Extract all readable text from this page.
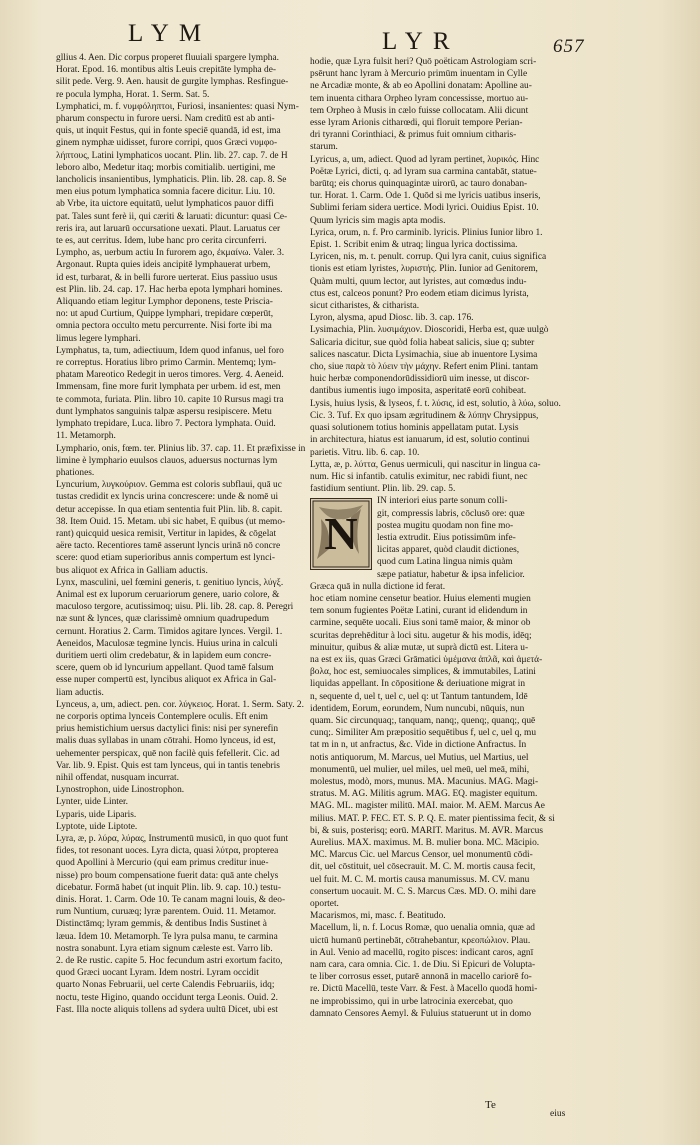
LYM	LYR	657
gllius 4. Aen. Dic corpus properet fluuiali spargere lympha.
Horat. Epod. 16. montibus altis Leuis crepitāte lympha de-
silit pede. Verg. 9. Aen. hausit de gurgite lymphas. Resfingue-
re pocula lympha, Horat. 1. Serm. Sat. 5.
Lymphatici, m. f. νυμφόληπτοι, Furiosi, insanientes: quasi Nym-
pharum conspectu in furore uersi. Nam creditū est ab anti-
quis, ut inquit Festus, qui in fonte speciē quandā, id est, ima
ginem nymphæ uidisset, furore corripi, quos Græci νυμφο-
λήπτους, Latini lymphaticos uocant. Plin. lib. 27. cap. 7. de H
leboro albo, Medetur itaq; morbis comitialib. uertigini, me
lancholicis insanientibus, lymphaticis. Plin. lib. 28. cap. 8. Se
men eius potum lymphatica somnia facere dicitur. Liu. 10.
ab Vrbe, ita uictore equitatū, uelut lymphaticos pauor diffi
pat. Tales sunt ferè ii, qui cæriti & laruati: dicuntur: quasi Ce-
reris ira, aut laruarū occursatione uexati. Plaut. Laruatus cer
te es, aut cerritus. Idem, lube hanc pro cerita circunferri.
Lympho, as, uerbum actiu In furorem ago, ἐκμαίνω. Valer. 3.
Argonaut. Rupta quies ideis ancipitē lymphauerat urbem,
id est, turbarat, & in belli furore uerterat. Eius passiuo usus
est Plin. lib. 24. cap. 17. Hac herba epota lymphari homines.
Aliquando etiam legitur Lymphor deponens, teste Priscia-
no: ut apud Curtium, Quippe lymphari, trepidare cœperūt,
omnia pectora occulto metu percurrente. Nisi forte ibi ma
limus legere lymphari.
Lymphatus, ta, tum, adiectiuum, Idem quod infanus, uel foro
re correptus. Horatius libro primo Carmin. Mentemq; lym-
phatam Mareotico Redegit in ueros timores. Verg. 4. Aeneid.
Immensam, fine more furit lymphata per urbem. id est, men
te commota, furiata. Plin. libro 10. capite 10 Rursus magi tra
dunt lymphatos sanguinis talpæ aspersu resipiscere. Metu
lymphato trepidare, Luca. libro 7. Pectora lymphata. Ouid.
11. Metamorph.
Lymphario, onis, fœm. ter. Plinius lib. 37. cap. 11. Et præfixisse in
limine è lymphario euulsos clauos, aduersus nocturnas lym
phationes.
Lyncurium, λυγκούριον. Gemma est coloris subflaui, quā uc
tustas credidit ex lyncis urina concrescere: unde & nomē ui
detur accepisse. In qua etiam sententia fuit Plin. lib. 8. capit.
38. Item Ouid. 15. Metam. ubi sic habet, E quibus (ut memo-
rant) quicquid uesica remisit, Vertitur in lapides, & cōgelat
aëre tacto. Recentiores tamē asserunt lyncis urinā nō concre
scere: quod etiam superioribus annis compertum est lynci-
bus aliquot ex Africa in Galliam aductis.
Lynx, masculini, uel fœmini generis, t. genitiuo lyncis, λύγξ.
Animal est ex luporum ceruariorum genere, uario colore, &
maculoso tergore, acutissimoq; uisu. Pli. lib. 28. cap. 8. Peregri
næ sunt & lynces, quæ clarissimè omnium quadrupedum
cernunt. Horatius 2. Carm. Timidos agitare lynces. Vergil. 1.
Aeneidos, Maculosæ tegmine lyncis. Huius urina in calculi
duritiem uerti olim credebatur, & in lapidem eum concre-
scere, quem ob id lyncurium appellant. Quod tamē falsum
esse nuper compertū est, lyncibus aliquot ex Africa in Gal-
liam aductis.
Lynceus, a, um, adiect. pen. cor. λύγκειος. Horat. 1. Serm. Saty. 2.
ne corporis optima lynceis Contemplere oculis. Eft enim
prius hemistichium uersus dactylici finis: nisi per synerefin
malis duas syllabas in unam cōtrahi. Homo lynceus, id est,
uehementer perspicax, quē non facilè quis fefellerit. Cic. ad
Var. lib. 9. Epist. Quis est tam lynceus, qui in tantis tenebris
nihil offendat, nusquam incurrat.
Lynostrophon, uide Linostrophon.
Lynter, uide Linter.
Lyparis, uide Liparis.
Lyptote, uide Liptote.
Lyra, æ, p. λύρα, λύρας, Instrumentū musicū, in quo quot funt
fides, tot resonant uoces. Lyra dicta, quasi λύτρα, propterea
quod Apollini à Mercurio (qui eam primus creditur inue-
nisse) pro boum compensatione fuerit data: quā ante chelys
dicebatur. Formā habet (ut inquit Plin. lib. 9. cap. 10.) testu-
dinis. Horat. 1. Carm. Ode 10. Te canam magni louis, & deo-
rum Nuntium, curuæq; lyræ parentem. Ouid. 11. Metamor.
Distinctāmq; lyram gemmis, & dentibus Indis Sustinet à
læua. Idem 10. Metamorph. Te lyra pulsa manu, te carmina
nostra sonabunt. Lyra etiam signum cæleste est. Varro lib.
2. de Re rustic. capite 5. Hoc fecundum astri exortum facito,
quod Græci uocant Lyram. Idem nostri. Lyram occidit
quarto Nonas Februarii, uel certe Calendis Februariis, idq;
noctu, teste Higino, quando occidunt terga Leonis. Ouid. 2.
Fast. Illa nocte aliquis tollens ad sydera uultū Dicet, ubi est
hodie, quæ Lyra fulsit heri? Quō poëticam Astrologiam scri-
psērunt hanc lyram à Mercurio primūm inuentam in Cylle
ne Arcadiæ monte, & ab eo Apollini donatam: Apolline au-
tem inuenta cithara Orpheo lyram concessisse, mortuo au-
tem Orpheo à Musis in cælo fuisse collocatam. Alii dicunt
esse lyram Arionis citharœdi, qui floruit tempore Perian-
dri tyranni Corinthiaci, & primus fuit omnium citharis-
starum.
Lyricus, a, um, adiect. Quod ad lyram pertinet, λυρικός. Hinc
Poëtæ Lyrici, dicti, q. ad lyram sua carmina cantabāt, statue-
barūtq; eis chorus quinquagintæ uirorū, ac tauro donaban-
tur. Horat. 1. Carm. Ode 1. Quōd si me lyricis uatibus inseris,
Sublimi feriam sidera uertice. Modi lyrici. Ouidius Epist. 10.
Quum lyricis sim magis apta modis.
Lyrica, orum, n. f. Pro carminib. lyricis. Plinius Iunior libro 1.
Epist. 1. Scribit enim & utraq; lingua lyrica doctissima.
Lyricen, nis, m. t. penult. corrup. Qui lyra canit, cuius significa
tionis est etiam lyristes, λυριστής. Plin. Iunior ad Genitorem,
Quàm multi, quum lector, aut lyristes, aut comœdus indu-
ctus est, calceos ponunt? Pro eodem etiam dicimus lyrista,
sicut citharistes, & citharista.
Lyron, alysma, apud Diosc. lib. 3. cap. 176.
Lysimachia, Plin. λυσιμάχιον. Dioscoridi, Herba est, quæ uulgò
Salicaria dicitur, sue quòd folia habeat salicis, siue q; subter
salices nascatur. Dicta Lysimachia, siue ab inuentore Lysima
cho, siue παρὰ τὸ λύειν τὴν μάχην. Refert enim Plini. tantam
huic herbæ componendorūdissidiorū uim inesse, ut discor-
dantibus iumentis iugo imposita, asperitatē eorū cohibeat.
Lysis, huius lysis, & lyseos, f. t. λύσις, id est, solutio, à λύω, soluo.
Cic. 3. Tuf. Ex quo ipsam ægritudinem & λύπην Chrysippus,
quasi solutionem totius hominis appellatam putat. Lysis
in architectura, hiatus est ianuarum, id est, solutio continui
parietis. Vitru. lib. 6. cap. 10.
Lytta, æ, p. λύττα, Genus uermiculi, qui nascitur in lingua ca-
num. Hic si infantib. catulis eximitur, nec rabidi fiunt, nec
fastidium sentiunt. Plin. lib. 29. cap. 5.
N
IN interiori eius parte sonum colli-
git, compressis labris, cōclusō ore: quæ
postea mugitu quodam non fine mo-
lestia extrudit. Eius potissimūm infe-
licitas apparet, quòd claudit dictiones,
quod cum Latina lingua nimis quàm
sæpe patiatur, habetur & ipsa infelicior.
Græca quā in nulla dictione id ferat.
hoc etiam nomine censetur beatior. Huius elementi mugien
tem sonum fugientes Poëtæ Latini, curant id elidendum in
carmine, sequēte uocali. Eius soni tamē maior, & minor ob
scuritas deprehēditur à loci situ. augetur & his modis, idēq;
minuitur, quibus & aliæ mutæ, ut suprà dictū est. Litera u-
na est ex iis, quas Græci Grāmatici ὑμέμανα ἀπλᾶ, καὶ ἀμετά-
βολα, hoc est, semiuocales simplices, & immutabiles, Latini
liquidas appellant. In cōpositione & deriuatione migrat in
n, sequente d, uel t, uel c, uel q: ut Tantum tantundem, Idē
identidem, Eorum, eorundem, Num nuncubi, nūquis, nun
quam. Sic circunquaq;, tanquam, nanq;, quenq;, quanq;, quē
cunq;. Similiter Am præpositio sequētibus f, uel c, uel q, mu
tat m in n, ut anfractus, &c. Vide in dictione Anfractus. In
notis antiquorum, M. Marcus, uel Mutius, uel Martius, uel
monumentū, uel mulier, uel miles, uel meū, uel meā, mihi,
molestus, modò, mors, munus. MA. Macunius. MAG. Magi-
stratus. M. AG. Militis agrum. MAG. EQ. magister equitum.
MAG. ML. magister militū. MAI. maior. M. AEM. Marcus Ae
milius. MAT. P. FEC. ET. S. P. Q. E. mater pientissima fecit, & si
bi, & suis, posterisq; eorū. MARIT. Maritus. M. AVR. Marcus
Aurelius. MAX. maximus. M. B. mulier bona. MC. Mācipio.
MC. Marcus Cic. uel Marcus Censor, uel monumentū cōdi-
dit, uel cōstituit, uel cōsecrauit. M. C. M. mortis causa fecit,
uel fuit. M. C. M. mortis causa manumissus. M. CV. manu
consertum uocauit. M. C. S. Marcus Cæs. MD. O. mihi dare
oportet.
Macarismos, mi, masc. f. Beatitudo.
Macellum, li, n. f. Locus Romæ, quo uenalia omnia, quæ ad
uictū humanū pertinebāt, cōtrahebantur, κρεοπώλιον. Plau.
in Aul. Venio ad macellū, rogito pisces: indicant caros, agnī
nam cara, cara omnia. Cic. 1. de Diu. Si Epicuri de Volupta-
te liber corrosus esset, putarē annonā in macello cariorē fo-
re. Dictū Macellū, teste Varr. & Fest. à Macello quodā homi-
ne improbissimo, qui in urbe latrocinia exercebat, quo
damnato Censores Aemyl. & Fuluius statuerunt ut in domo
Te
eius
